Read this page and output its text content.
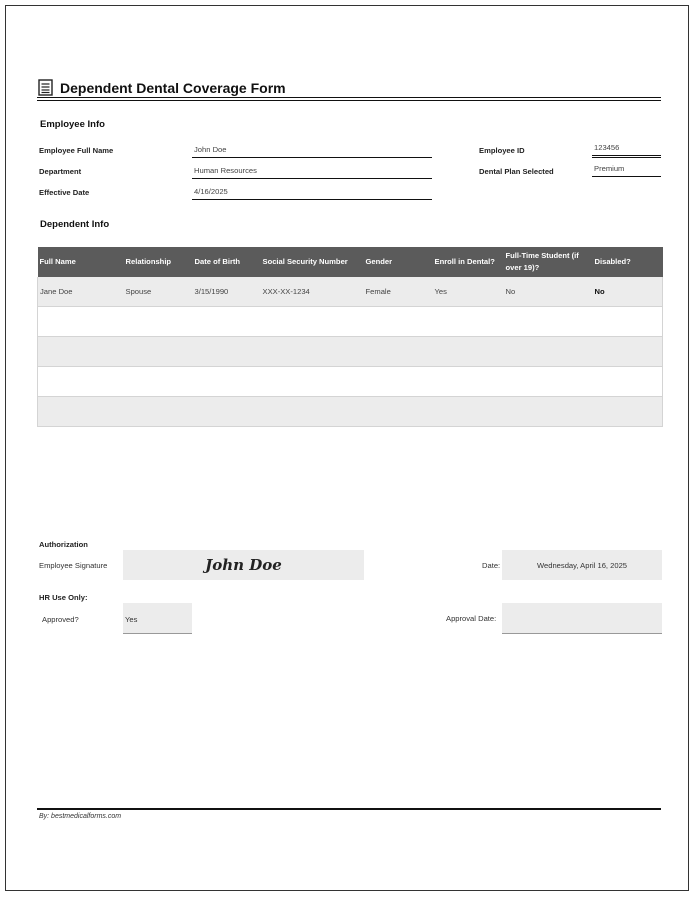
Dependent Dental Coverage Form
Employee Info
Employee Full Name	John Doe
Department	Human Resources
Effective Date	4/16/2025
Employee ID	123456
Dental Plan Selected	Premium
Dependent Info
Full Name	Relationship	Date of Birth	Social Security Number	Gender	Enroll in Dental?	Full-Time Student (if over 19)?	Disabled?
Jane Doe	Spouse	3/15/1990	XXX-XX-1234	Female	Yes	No	No

Authorization
Employee Signature	John Doe	Date:	Wednesday, April 16, 2025
HR Use Only:
Approved?	Yes	Approval Date:
By: bestmedicalforms.com
